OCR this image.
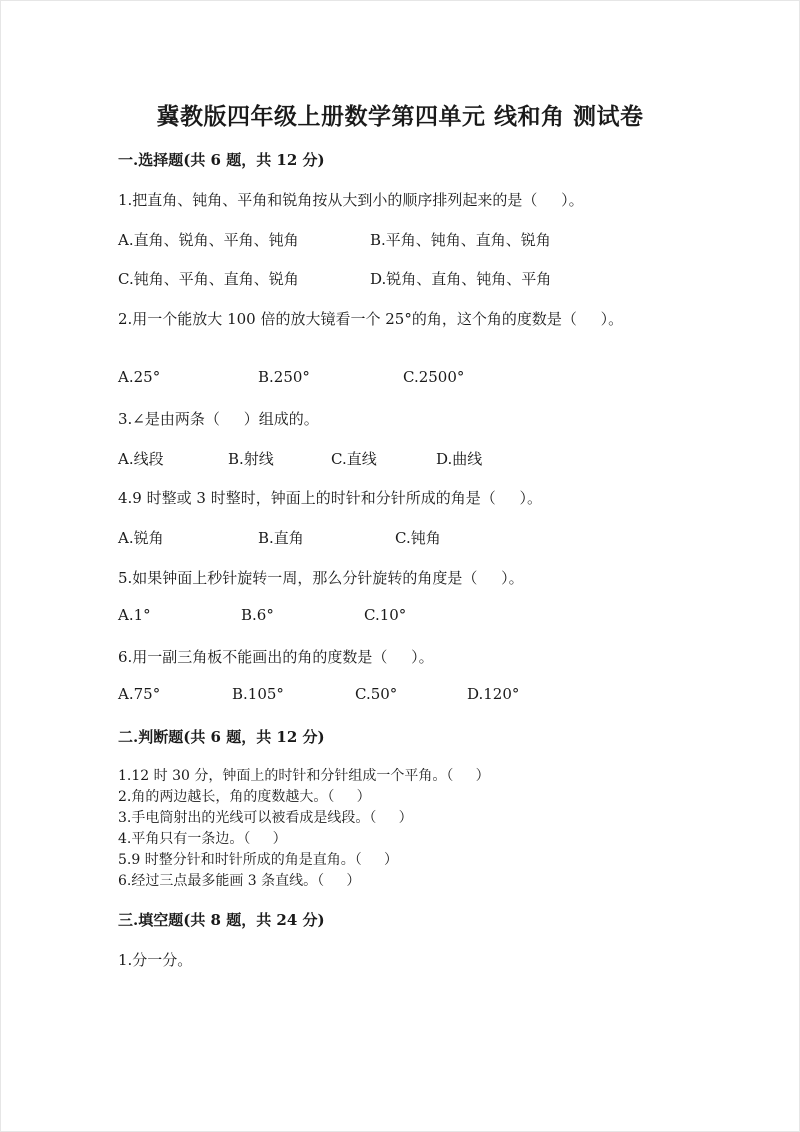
冀教版四年级上册数学第四单元 线和角 测试卷
一.选择题(共 6 题，共 12 分)
1.把直角、钝角、平角和锐角按从大到小的顺序排列起来的是（     ）。
A.直角、锐角、平角、钝角	B.平角、钝角、直角、锐角
C.钝角、平角、直角、锐角	D.锐角、直角、钝角、平角
2.用一个能放大 100 倍的放大镜看一个 25°的角，这个角的度数是（     ）。
A.25°	B.250°	C.2500°
3.∠是由两条（     ）组成的。
A.线段	B.射线	C.直线	D.曲线
4.9 时整或 3 时整时，钟面上的时针和分针所成的角是（     ）。
A.锐角	B.直角	C.钝角
5.如果钟面上秒针旋转一周，那么分针旋转的角度是（     ）。
A.1°	B.6°	C.10°
6.用一副三角板不能画出的角的度数是（     ）。
A.75°	B.105°	C.50°	D.120°
二.判断题(共 6 题，共 12 分)
1.12 时 30 分，钟面上的时针和分针组成一个平角。（     ）
2.角的两边越长，角的度数越大。（     ）
3.手电筒射出的光线可以被看成是线段。（     ）
4.平角只有一条边。（     ）
5.9 时整分针和时针所成的角是直角。（     ）
6.经过三点最多能画 3 条直线。（     ）
三.填空题(共 8 题，共 24 分)
1.分一分。
